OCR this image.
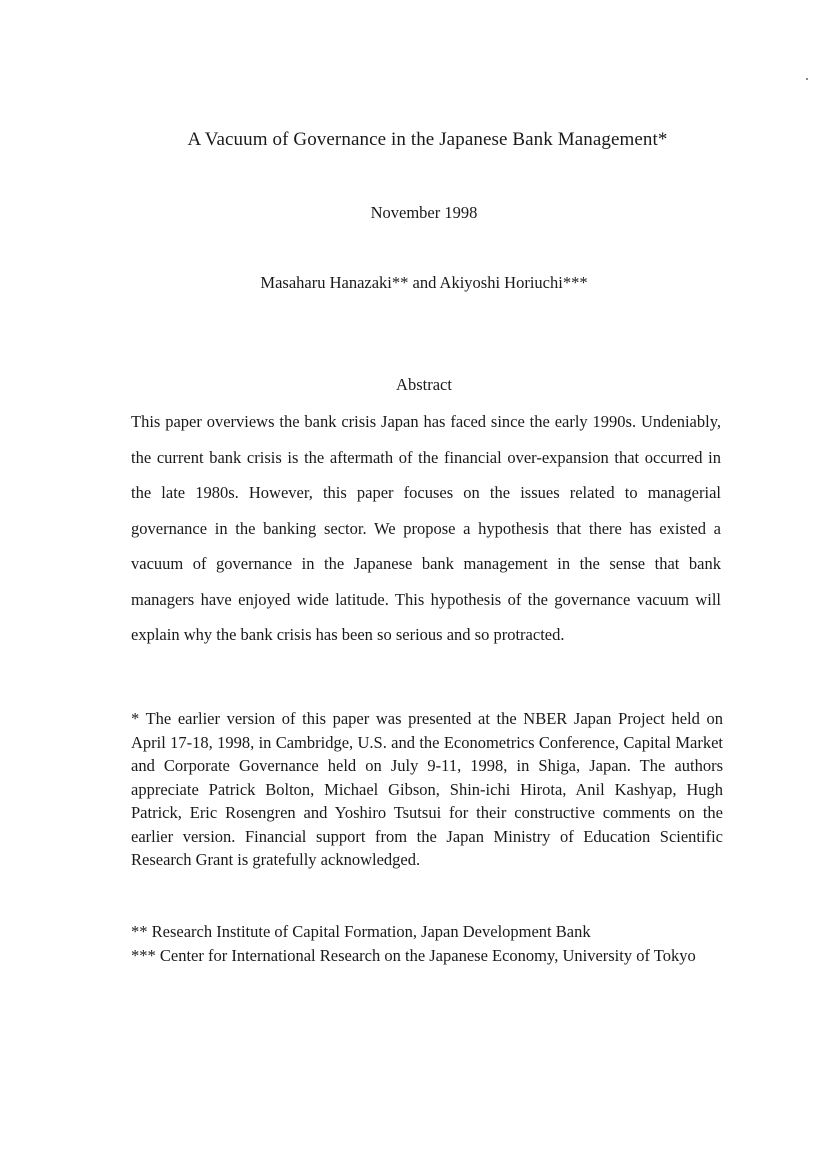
A Vacuum of Governance in the Japanese Bank Management*
November 1998
Masaharu Hanazaki** and Akiyoshi Horiuchi***
Abstract

This paper overviews the bank crisis Japan has faced since the early 1990s. Undeniably, the current bank crisis is the aftermath of the financial over-expansion that occurred in the late 1980s. However, this paper focuses on the issues related to managerial governance in the banking sector. We propose a hypothesis that there has existed a vacuum of governance in the Japanese bank management in the sense that bank managers have enjoyed wide latitude. This hypothesis of the governance vacuum will explain why the bank crisis has been so serious and so protracted.

* The earlier version of this paper was presented at the NBER Japan Project held on April 17-18, 1998, in Cambridge, U.S. and the Econometrics Conference, Capital Market and Corporate Governance held on July 9-11, 1998, in Shiga, Japan. The authors appreciate Patrick Bolton, Michael Gibson, Shin-ichi Hirota, Anil Kashyap, Hugh Patrick, Eric Rosengren and Yoshiro Tsutsui for their constructive comments on the earlier version. Financial support from the Japan Ministry of Education Scientific Research Grant is gratefully acknowledged.

** Research Institute of Capital Formation, Japan Development Bank

*** Center for International Research on the Japanese Economy, University of Tokyo
